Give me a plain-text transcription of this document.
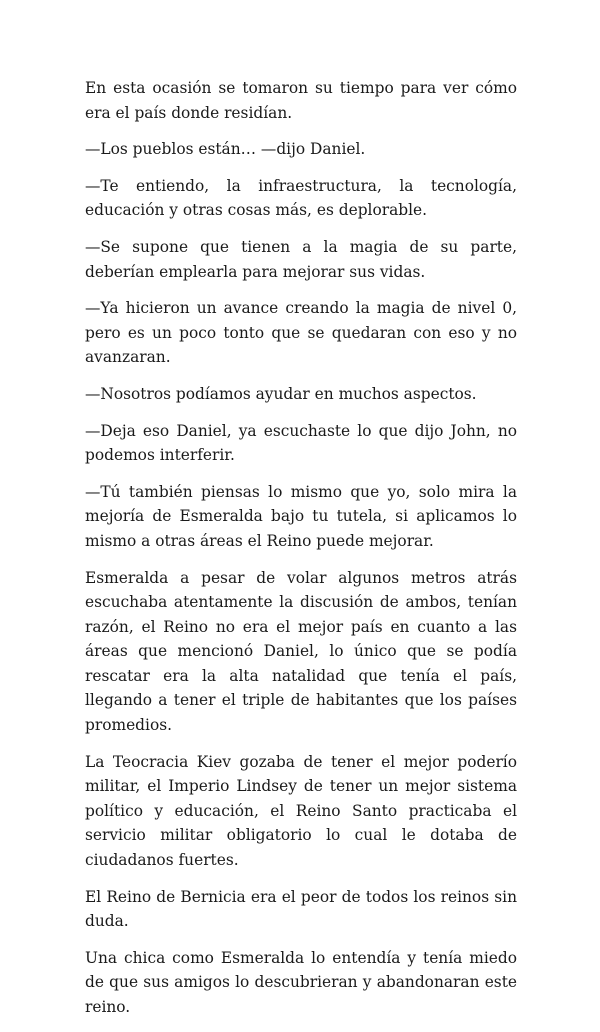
En esta ocasión se tomaron su tiempo para ver cómo era el país donde residían.

—Los pueblos están… —dijo Daniel.

—Te entiendo, la infraestructura, la tecnología, educación y otras cosas más, es deplorable.

—Se supone que tienen a la magia de su parte, deberían emplearla para mejorar sus vidas.

—Ya hicieron un avance creando la magia de nivel 0, pero es un poco tonto que se quedaran con eso y no avanzaran.

—Nosotros podíamos ayudar en muchos aspectos.

—Deja eso Daniel, ya escuchaste lo que dijo John, no podemos interferir.

—Tú también piensas lo mismo que yo, solo mira la mejoría de Esmeralda bajo tu tutela, si aplicamos lo mismo a otras áreas el Reino puede mejorar.

Esmeralda a pesar de volar algunos metros atrás escuchaba atentamente la discusión de ambos, tenían razón, el Reino no era el mejor país en cuanto a las áreas que mencionó Daniel, lo único que se podía rescatar era la alta natalidad que tenía el país, llegando a tener el triple de habitantes que los países promedios.

La Teocracia Kiev gozaba de tener el mejor poderío militar, el Imperio Lindsey de tener un mejor sistema político y educación, el Reino Santo practicaba el servicio militar obligatorio lo cual le dotaba de ciudadanos fuertes.

El Reino de Bernicia era el peor de todos los reinos sin duda.

Una chica como Esmeralda lo entendía y tenía miedo de que sus amigos lo descubrieran y abandonaran este reino.
